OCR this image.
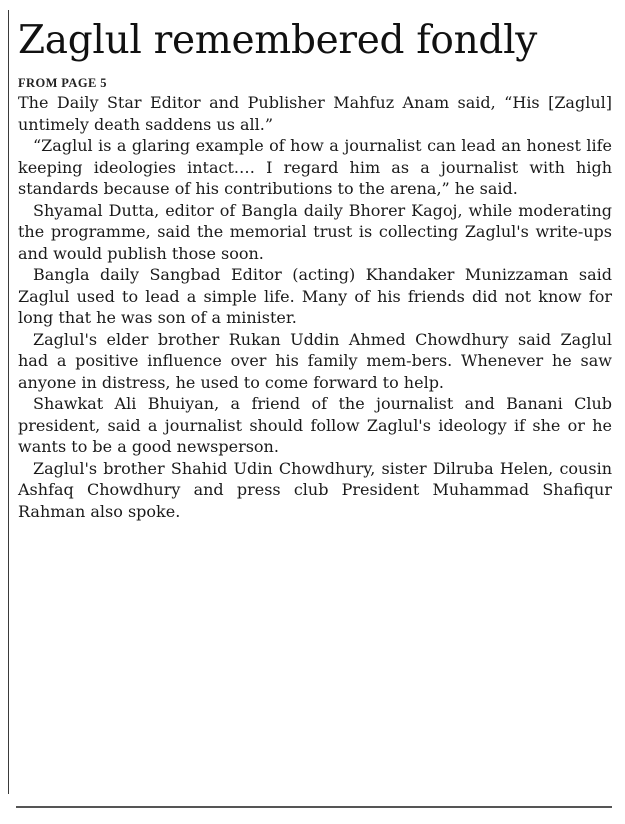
Zaglul remembered fondly
FROM PAGE 5

The Daily Star Editor and Publisher Mahfuz Anam said, “His [Zaglul] untimely death saddens us all.”

“Zaglul is a glaring example of how a journalist can lead an honest life keeping ideologies intact.… I regard him as a journalist with high standards because of his contributions to the arena,” he said.

Shyamal Dutta, editor of Bangla daily Bhorer Kagoj, while moderating the programme, said the memorial trust is collecting Zaglul's write-ups and would publish those soon.

Bangla daily Sangbad Editor (acting) Khandaker Munizzaman said Zaglul used to lead a simple life. Many of his friends did not know for long that he was son of a minister.

Zaglul's elder brother Rukan Uddin Ahmed Chowdhury said Zaglul had a positive influence over his family mem-bers. Whenever he saw anyone in distress, he used to come forward to help.

Shawkat Ali Bhuiyan, a friend of the journalist and Banani Club president, said a journalist should follow Zaglul's ideology if she or he wants to be a good newsperson.

Zaglul's brother Shahid Udin Chowdhury, sister Dilruba Helen, cousin Ashfaq Chowdhury and press club President Muhammad Shafiqur Rahman also spoke.
